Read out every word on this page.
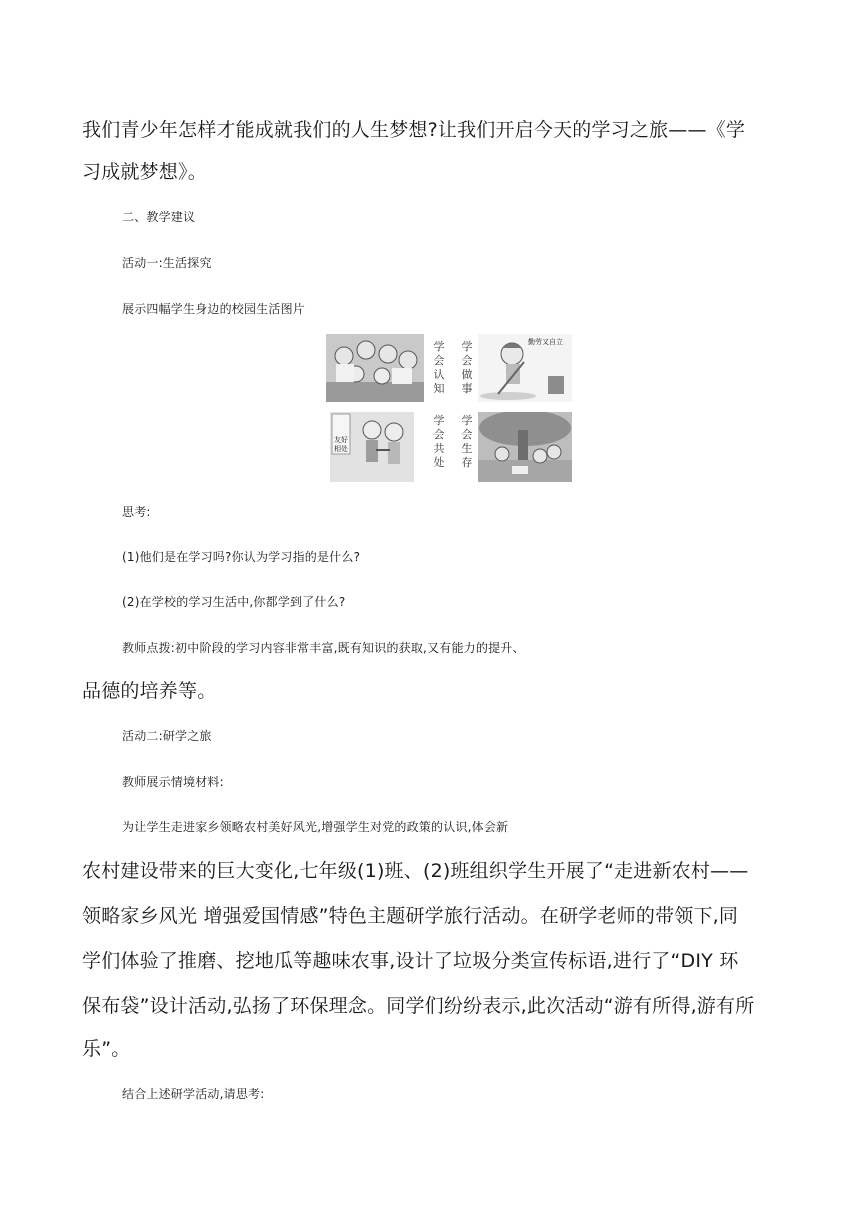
我们青少年怎样才能成就我们的人生梦想?让我们开启今天的学习之旅——《学
习成就梦想》。
二、教学建议
活动一:生活探究
展示四幅学生身边的校园生活图片
学会认知
学会做事
勤劳又自立
友好相处
学会共处
学会生存
思考:
(1)他们是在学习吗?你认为学习指的是什么?
(2)在学校的学习生活中,你都学到了什么?
教师点拨:初中阶段的学习内容非常丰富,既有知识的获取,又有能力的提升、
品德的培养等。
活动二:研学之旅
教师展示情境材料:
为让学生走进家乡领略农村美好风光,增强学生对党的政策的认识,体会新
农村建设带来的巨大变化,七年级(1)班、(2)班组织学生开展了“走进新农村——
领略家乡风光 增强爱国情感”特色主题研学旅行活动。在研学老师的带领下,同
学们体验了推磨、挖地瓜等趣味农事,设计了垃圾分类宣传标语,进行了“DIY 环
保布袋”设计活动,弘扬了环保理念。同学们纷纷表示,此次活动“游有所得,游有所
乐”。
结合上述研学活动,请思考:
